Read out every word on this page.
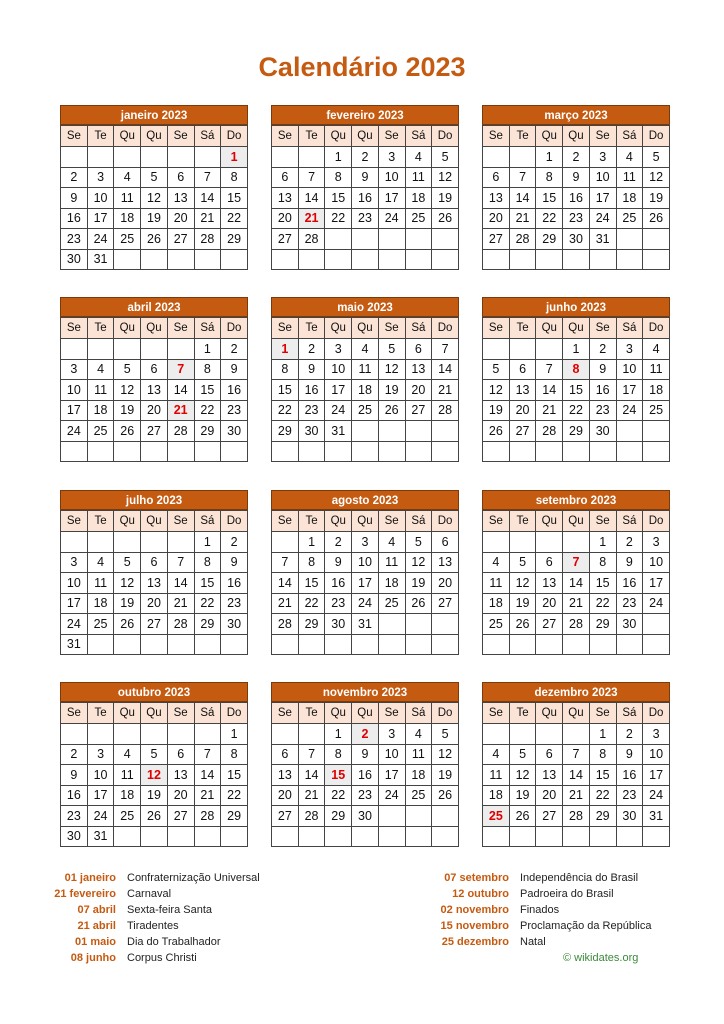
Calendário 2023
janeiro 2023
Se	Te	Qu	Qu	Se	Sá	Do
						1
2	3	4	5	6	7	8
9	10	11	12	13	14	15
16	17	18	19	20	21	22
23	24	25	26	27	28	29
30	31					
fevereiro 2023
Se	Te	Qu	Qu	Se	Sá	Do
		1	2	3	4	5
6	7	8	9	10	11	12
13	14	15	16	17	18	19
20	21	22	23	24	25	26
27	28					

março 2023
Se	Te	Qu	Qu	Se	Sá	Do
		1	2	3	4	5
6	7	8	9	10	11	12
13	14	15	16	17	18	19
20	21	22	23	24	25	26
27	28	29	30	31		

abril 2023
Se	Te	Qu	Qu	Se	Sá	Do
					1	2
3	4	5	6	7	8	9
10	11	12	13	14	15	16
17	18	19	20	21	22	23
24	25	26	27	28	29	30

maio 2023
Se	Te	Qu	Qu	Se	Sá	Do
1	2	3	4	5	6	7
8	9	10	11	12	13	14
15	16	17	18	19	20	21
22	23	24	25	26	27	28
29	30	31				

junho 2023
Se	Te	Qu	Qu	Se	Sá	Do
			1	2	3	4
5	6	7	8	9	10	11
12	13	14	15	16	17	18
19	20	21	22	23	24	25
26	27	28	29	30		

julho 2023
Se	Te	Qu	Qu	Se	Sá	Do
					1	2
3	4	5	6	7	8	9
10	11	12	13	14	15	16
17	18	19	20	21	22	23
24	25	26	27	28	29	30
31						
agosto 2023
Se	Te	Qu	Qu	Se	Sá	Do
	1	2	3	4	5	6
7	8	9	10	11	12	13
14	15	16	17	18	19	20
21	22	23	24	25	26	27
28	29	30	31			

setembro 2023
Se	Te	Qu	Qu	Se	Sá	Do
				1	2	3
4	5	6	7	8	9	10
11	12	13	14	15	16	17
18	19	20	21	22	23	24
25	26	27	28	29	30	

outubro 2023
Se	Te	Qu	Qu	Se	Sá	Do
						1
2	3	4	5	6	7	8
9	10	11	12	13	14	15
16	17	18	19	20	21	22
23	24	25	26	27	28	29
30	31					
novembro 2023
Se	Te	Qu	Qu	Se	Sá	Do
		1	2	3	4	5
6	7	8	9	10	11	12
13	14	15	16	17	18	19
20	21	22	23	24	25	26
27	28	29	30			

dezembro 2023
Se	Te	Qu	Qu	Se	Sá	Do
				1	2	3
4	5	6	7	8	9	10
11	12	13	14	15	16	17
18	19	20	21	22	23	24
25	26	27	28	29	30	31

01 janeiro Confraternização Universal
21 fevereiro Carnaval
07 abril Sexta-feira Santa
21 abril Tiradentes
01 maio Dia do Trabalhador
08 junho Corpus Christi
07 setembro Independência do Brasil
12 outubro Padroeira do Brasil
02 novembro Finados
15 novembro Proclamação da República
25 dezembro Natal
© wikidates.org
